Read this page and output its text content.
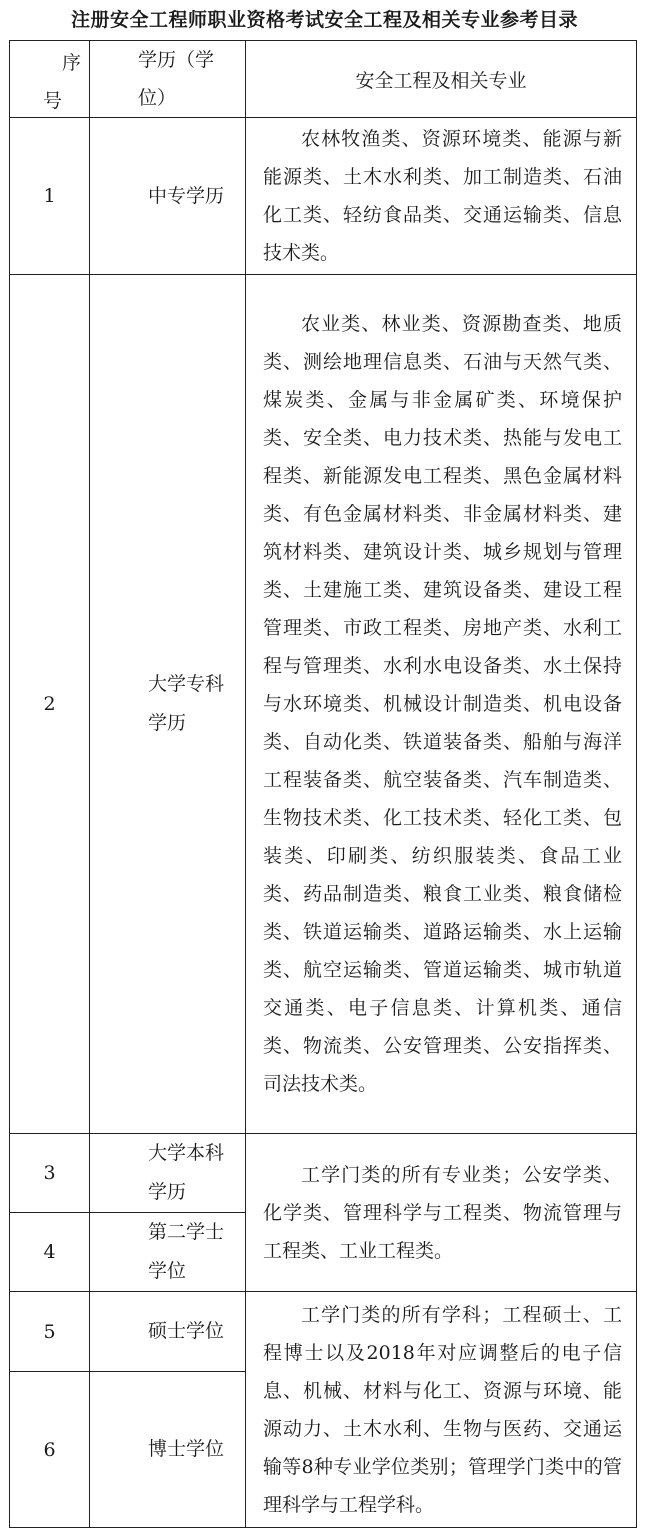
注册安全工程师职业资格考试安全工程及相关专业参考目录
序
号	学历（学位）	安全工程及相关专业
1	中专学历	农林牧渔类、资源环境类、能源与新能源类、土木水利类、加工制造类、石油化工类、轻纺食品类、交通运输类、信息技术类。
2	大学专科学历	农业类、林业类、资源勘查类、地质类、测绘地理信息类、石油与天然气类、煤炭类、金属与非金属矿类、环境保护类、安全类、电力技术类、热能与发电工程类、新能源发电工程类、黑色金属材料类、有色金属材料类、非金属材料类、建筑材料类、建筑设计类、城乡规划与管理类、土建施工类、建筑设备类、建设工程管理类、市政工程类、房地产类、水利工程与管理类、水利水电设备类、水土保持与水环境类、机械设计制造类、机电设备类、自动化类、铁道装备类、船舶与海洋工程装备类、航空装备类、汽车制造类、生物技术类、化工技术类、轻化工类、包装类、印刷类、纺织服装类、食品工业类、药品制造类、粮食工业类、粮食储检类、铁道运输类、道路运输类、水上运输类、航空运输类、管道运输类、城市轨道交通类、电子信息类、计算机类、通信类、物流类、公安管理类、公安指挥类、司法技术类。
3	大学本科学历	工学门类的所有专业类；公安学类、化学类、管理科学与工程类、物流管理与工程类、工业工程类。
4	第二学士学位	
5	硕士学位	工学门类的所有学科；工程硕士、工程博士以及2018年对应调整后的电子信息、机械、材料与化工、资源与环境、能源动力、土木水利、生物与医药、交通运输等8种专业学位类别；管理学门类中的管理科学与工程学科。
6	博士学位	
